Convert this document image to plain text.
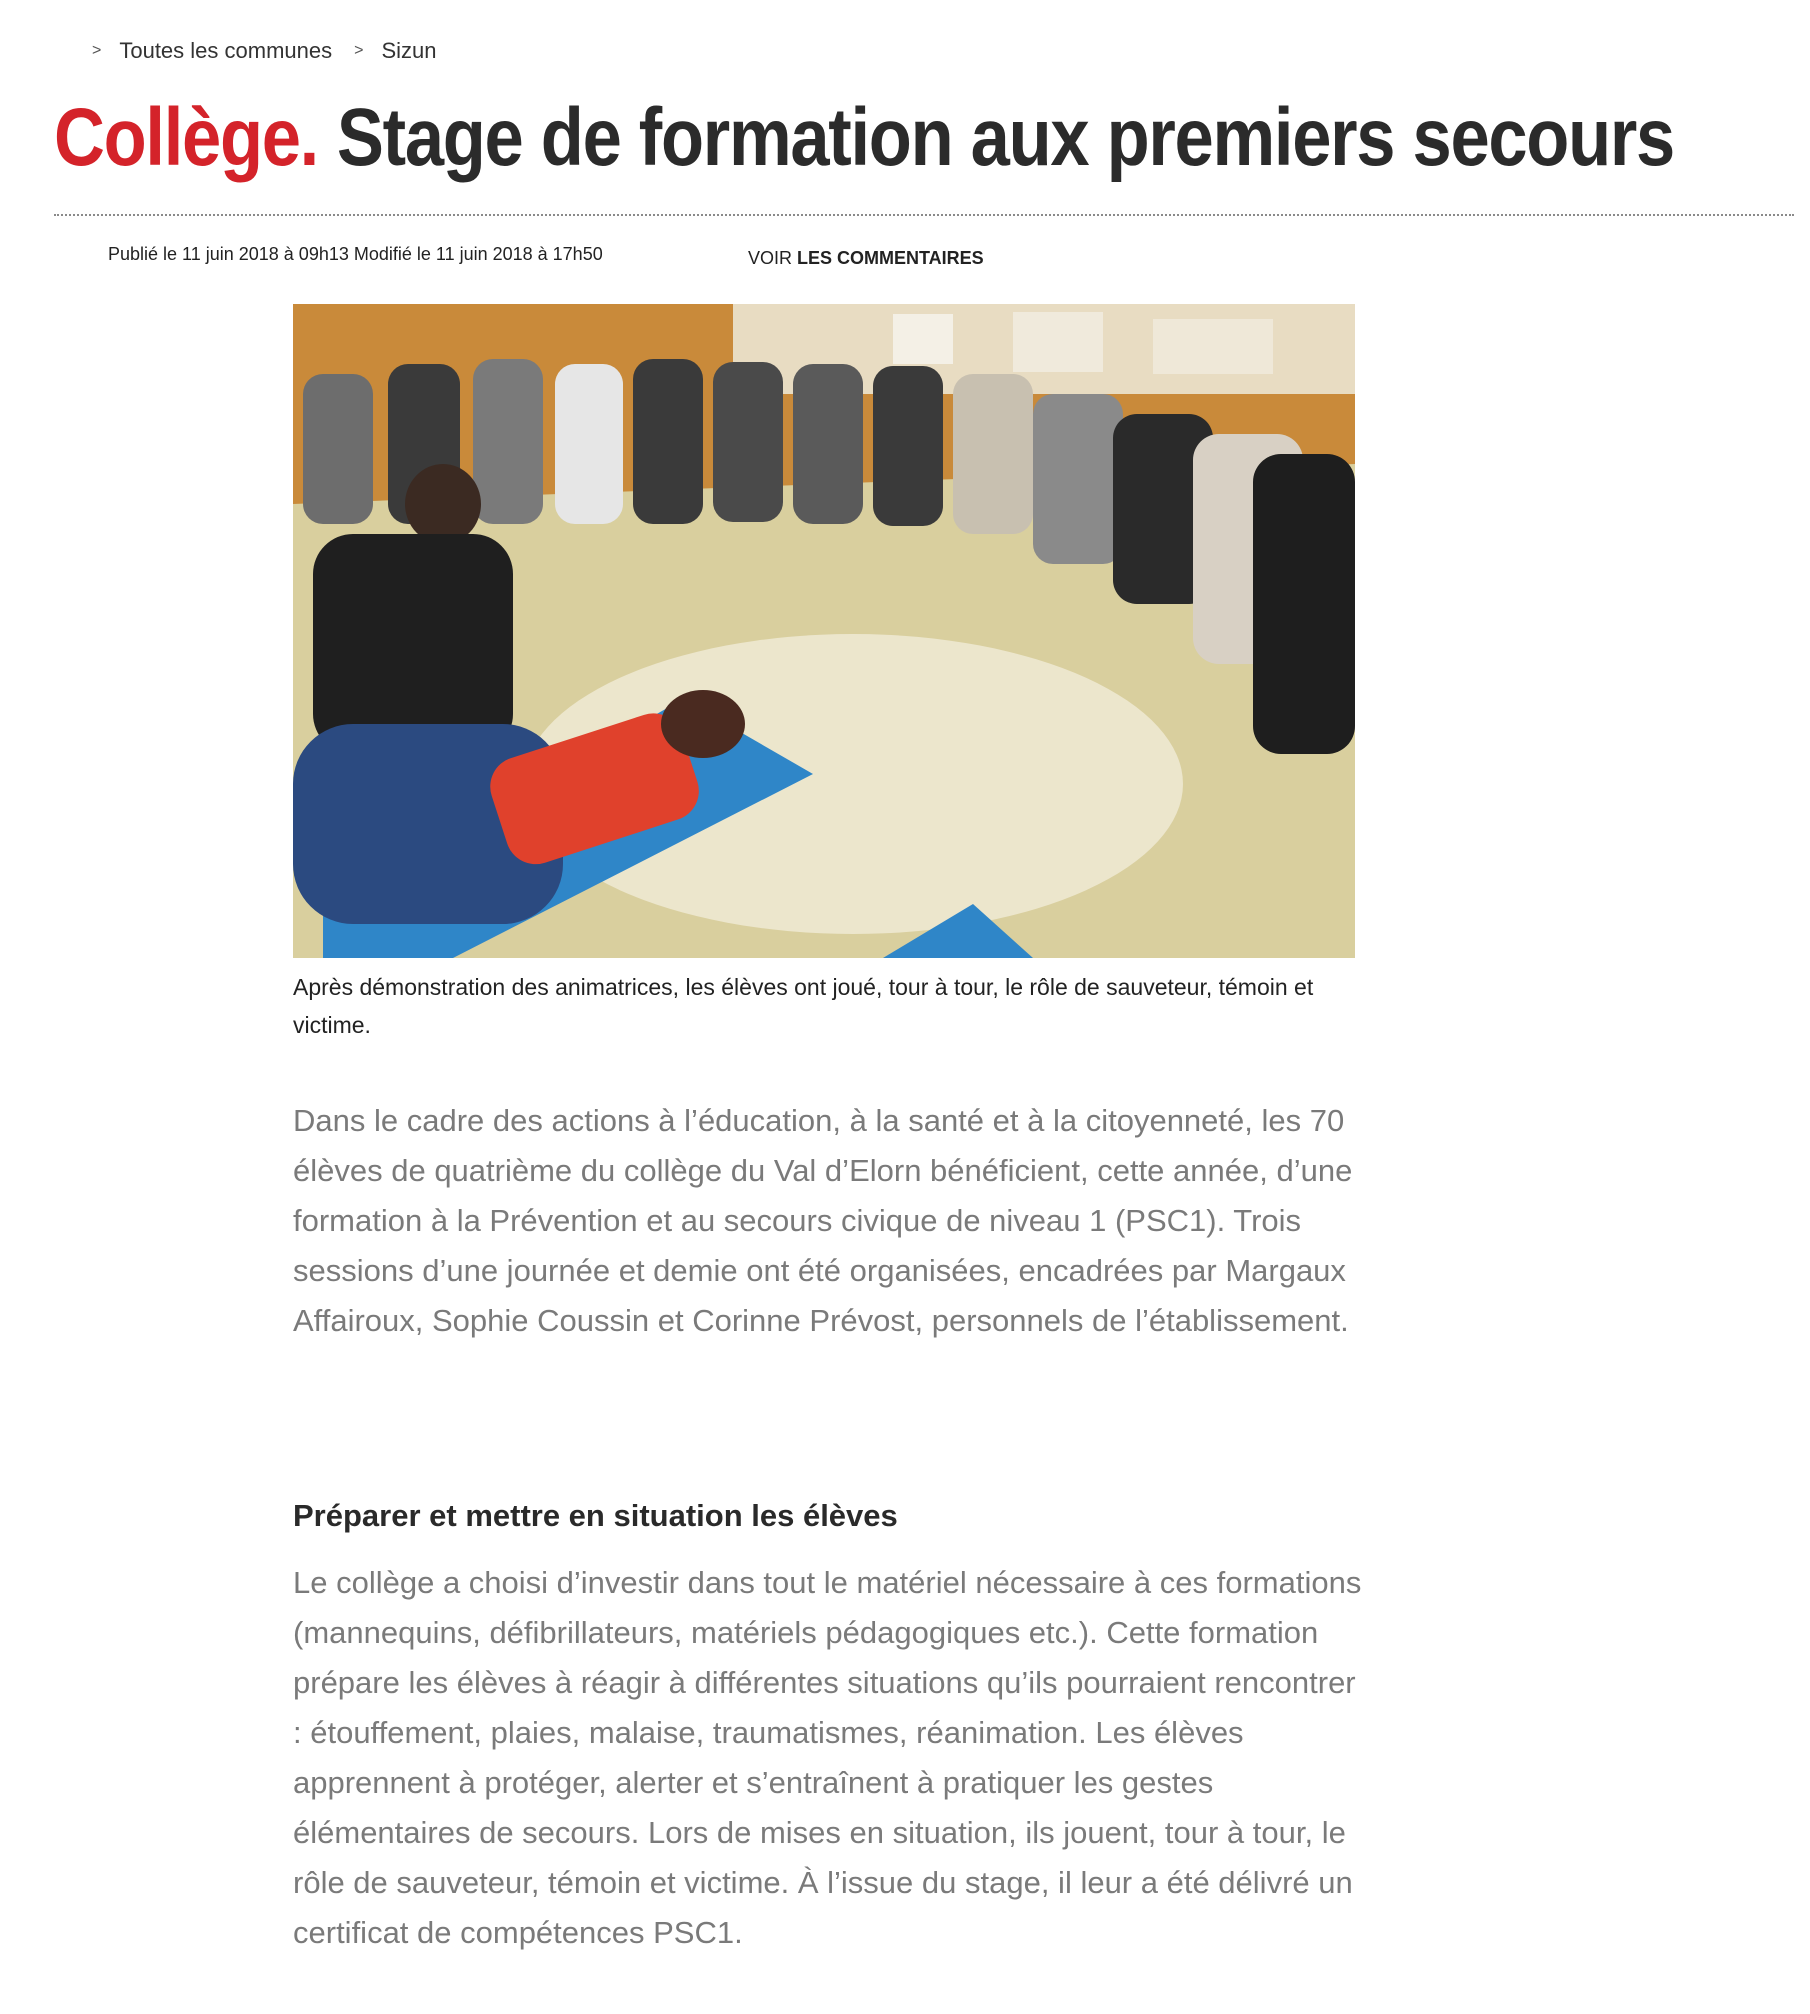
> Toutes les communes > Sizun
Collège. Stage de formation aux premiers secours
Publié le 11 juin 2018 à 09h13 Modifié le 11 juin 2018 à 17h50	VOIR LES COMMENTAIRES

Après démonstration des animatrices, les élèves ont joué, tour à tour, le rôle de sauveteur, témoin et victime.

Dans le cadre des actions à l’éducation, à la santé et à la citoyenneté, les 70 élèves de quatrième du collège du Val d’Elorn bénéficient, cette année, d’une formation à la Prévention et au secours civique de niveau 1 (PSC1). Trois sessions d’une journée et demie ont été organisées, encadrées par Margaux Affairoux, Sophie Coussin et Corinne Prévost, personnels de l’établissement.

Préparer et mettre en situation les élèves

Le collège a choisi d’investir dans tout le matériel nécessaire à ces formations (mannequins, défibrillateurs, matériels pédagogiques etc.). Cette formation prépare les élèves à réagir à différentes situations qu’ils pourraient rencontrer : étouffement, plaies, malaise, traumatismes, réanimation. Les élèves apprennent à protéger, alerter et s’entraînent à pratiquer les gestes élémentaires de secours. Lors de mises en situation, ils jouent, tour à tour, le rôle de sauveteur, témoin et victime. À l’issue du stage, il leur a été délivré un certificat de compétences PSC1.
